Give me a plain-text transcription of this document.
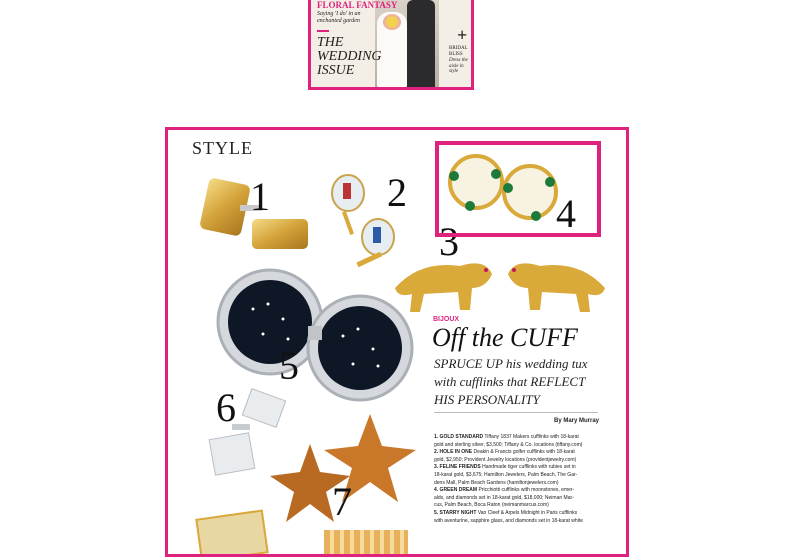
FLORAL FANTASY
Saying 'I do' in an
enchanted garden
THE
WEDDING
ISSUE
+
BRIDAL
BLISS
Dress the
aisle in style
STYLE
1	2
3
4
5
6
7
BIJOUX
Off the CUFF
SPRUCE UP his wedding tux
with cufflinks that REFLECT
HIS PERSONALITY
By Mary Murray
1. GOLD STANDARD Tiffany 1837 Makers cufflinks with 18-karat
gold and sterling silver, $3,500; Tiffany & Co. locations (tiffany.com)
2. HOLE IN ONE Deakin & Francis golfer cufflinks with 18-karat
gold, $2,950; Provident Jewelry locations (providentjewelry.com)
3. FELINE FRIENDS Handmade tiger cufflinks with rubies set in
18-karat gold, $3,675; Hamilton Jewelers, Palm Beach, The Gar-
dens Mall, Palm Beach Gardens (hamiltonjewelers.com)
4. GREEN DREAM Pricchiotti cufflinks with moonstones, emer-
alds, and diamonds set in 18-karat gold, $18,000; Neiman Mar-
cus, Palm Beach, Boca Raton (neimanmarcus.com)
5. STARRY NIGHT Van Cleef & Arpels Midnight in Paris cufflinks
with aventurine, sapphire glass, and diamonds set in 18-karat white
